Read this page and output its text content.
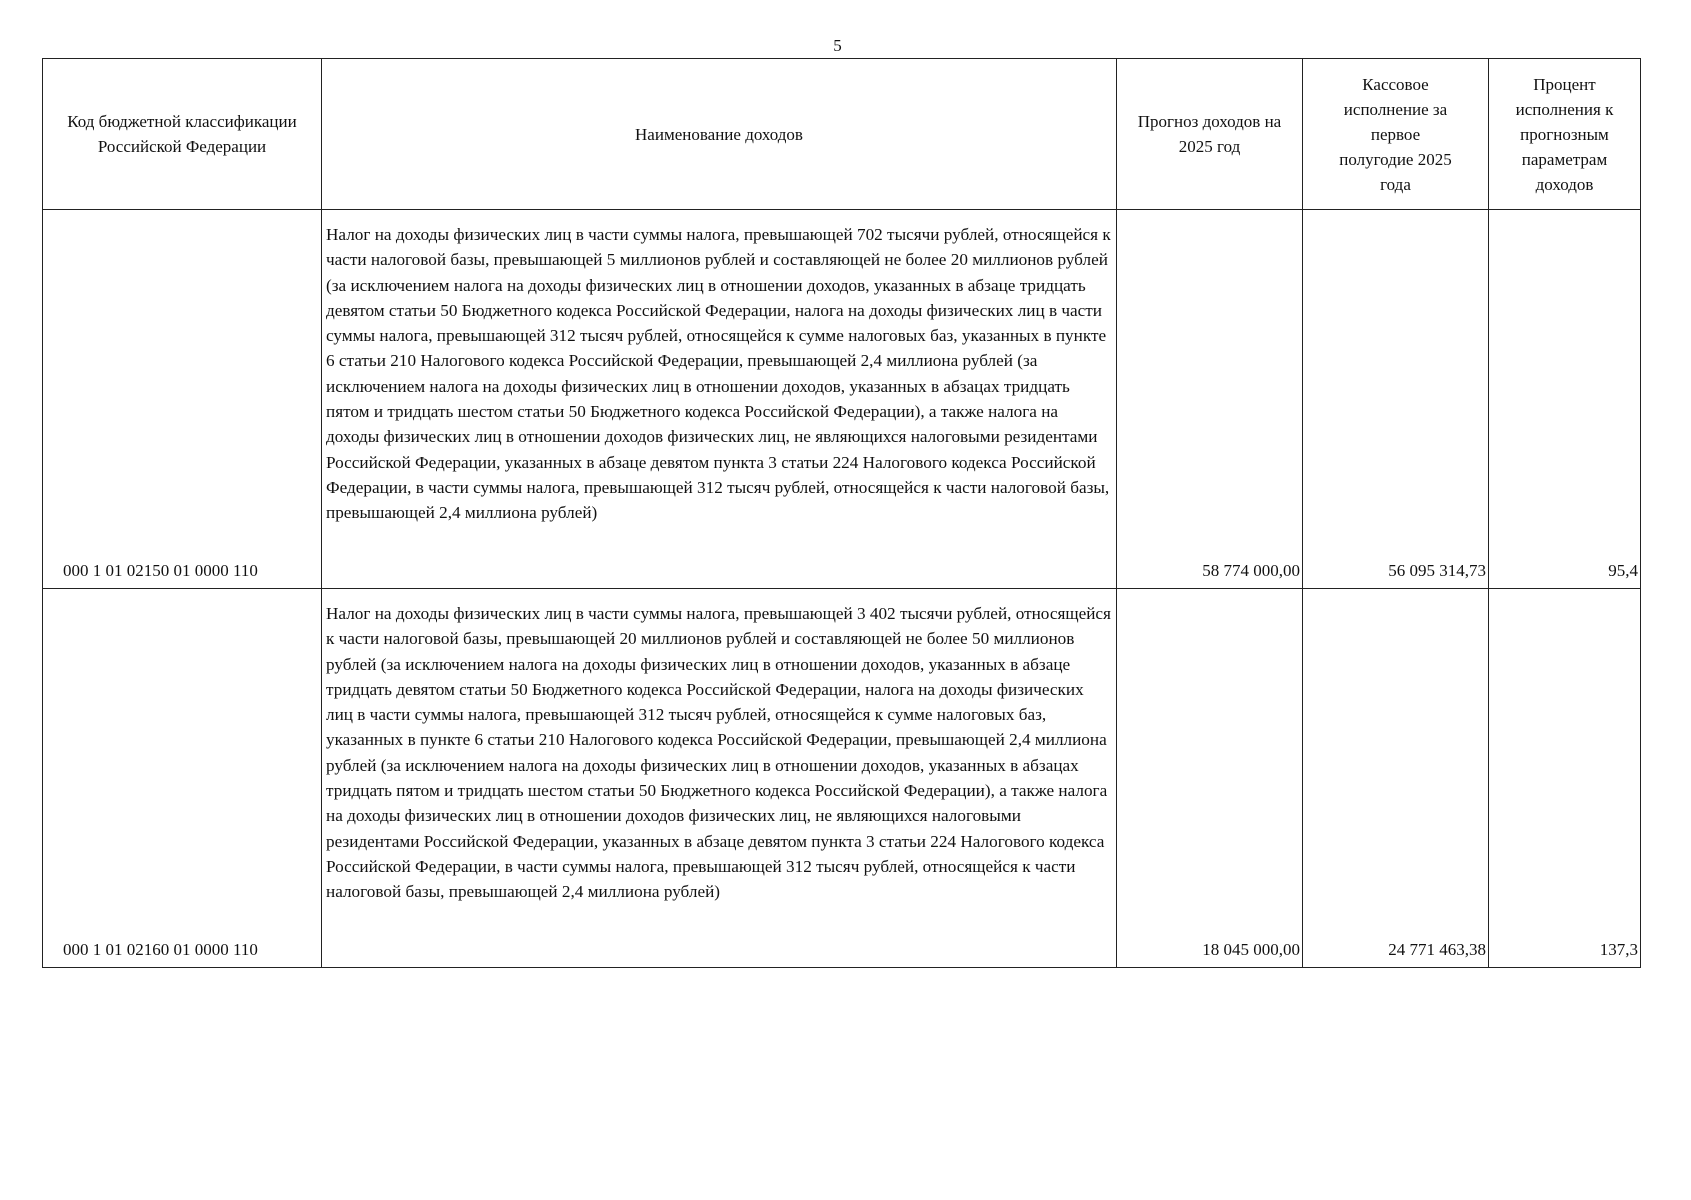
5
Код бюджетной классификации Российской Федерации	Наименование доходов	Прогноз доходов на 2025 год	Кассовое исполнение за первое полугодие 2025 года	Процент исполнения к прогнозным параметрам доходов
000 1 01 02150 01 0000 110	Налог на доходы физических лиц в части суммы налога, превышающей 702 тысячи рублей, относящейся к части налоговой базы, превышающей 5 миллионов рублей и составляющей не более 20 миллионов рублей (за исключением налога на доходы физических лиц в отношении доходов, указанных в абзаце тридцать девятом статьи 50 Бюджетного кодекса Российской Федерации, налога на доходы физических лиц в части суммы налога, превышающей 312 тысяч рублей, относящейся к сумме налоговых баз, указанных в пункте 6 статьи 210 Налогового кодекса Российской Федерации, превышающей 2,4 миллиона рублей (за исключением налога на доходы физических лиц в отношении доходов, указанных в абзацах тридцать пятом и тридцать шестом статьи 50 Бюджетного кодекса Российской Федерации), а также налога на доходы физических лиц в отношении доходов физических лиц, не являющихся налоговыми резидентами Российской Федерации, указанных в абзаце девятом пункта 3 статьи 224 Налогового кодекса Российской Федерации, в части суммы налога, превышающей 312 тысяч рублей, относящейся к части налоговой базы, превышающей 2,4 миллиона рублей)	58 774 000,00	56 095 314,73	95,4
000 1 01 02160 01 0000 110	Налог на доходы физических лиц в части суммы налога, превышающей 3 402 тысячи рублей, относящейся к части налоговой базы, превышающей 20 миллионов рублей и составляющей не более 50 миллионов рублей (за исключением налога на доходы физических лиц в отношении доходов, указанных в абзаце тридцать девятом статьи 50 Бюджетного кодекса Российской Федерации, налога на доходы физических лиц в части суммы налога, превышающей 312 тысяч рублей, относящейся к сумме налоговых баз, указанных в пункте 6 статьи 210 Налогового кодекса Российской Федерации, превышающей 2,4 миллиона рублей (за исключением налога на доходы физических лиц в отношении доходов, указанных в абзацах тридцать пятом и тридцать шестом статьи 50 Бюджетного кодекса Российской Федерации), а также налога на доходы физических лиц в отношении доходов физических лиц, не являющихся налоговыми резидентами Российской Федерации, указанных в абзаце девятом пункта 3 статьи 224 Налогового кодекса Российской Федерации, в части суммы налога, превышающей 312 тысяч рублей, относящейся к части налоговой базы, превышающей 2,4 миллиона рублей)	18 045 000,00	24 771 463,38	137,3
